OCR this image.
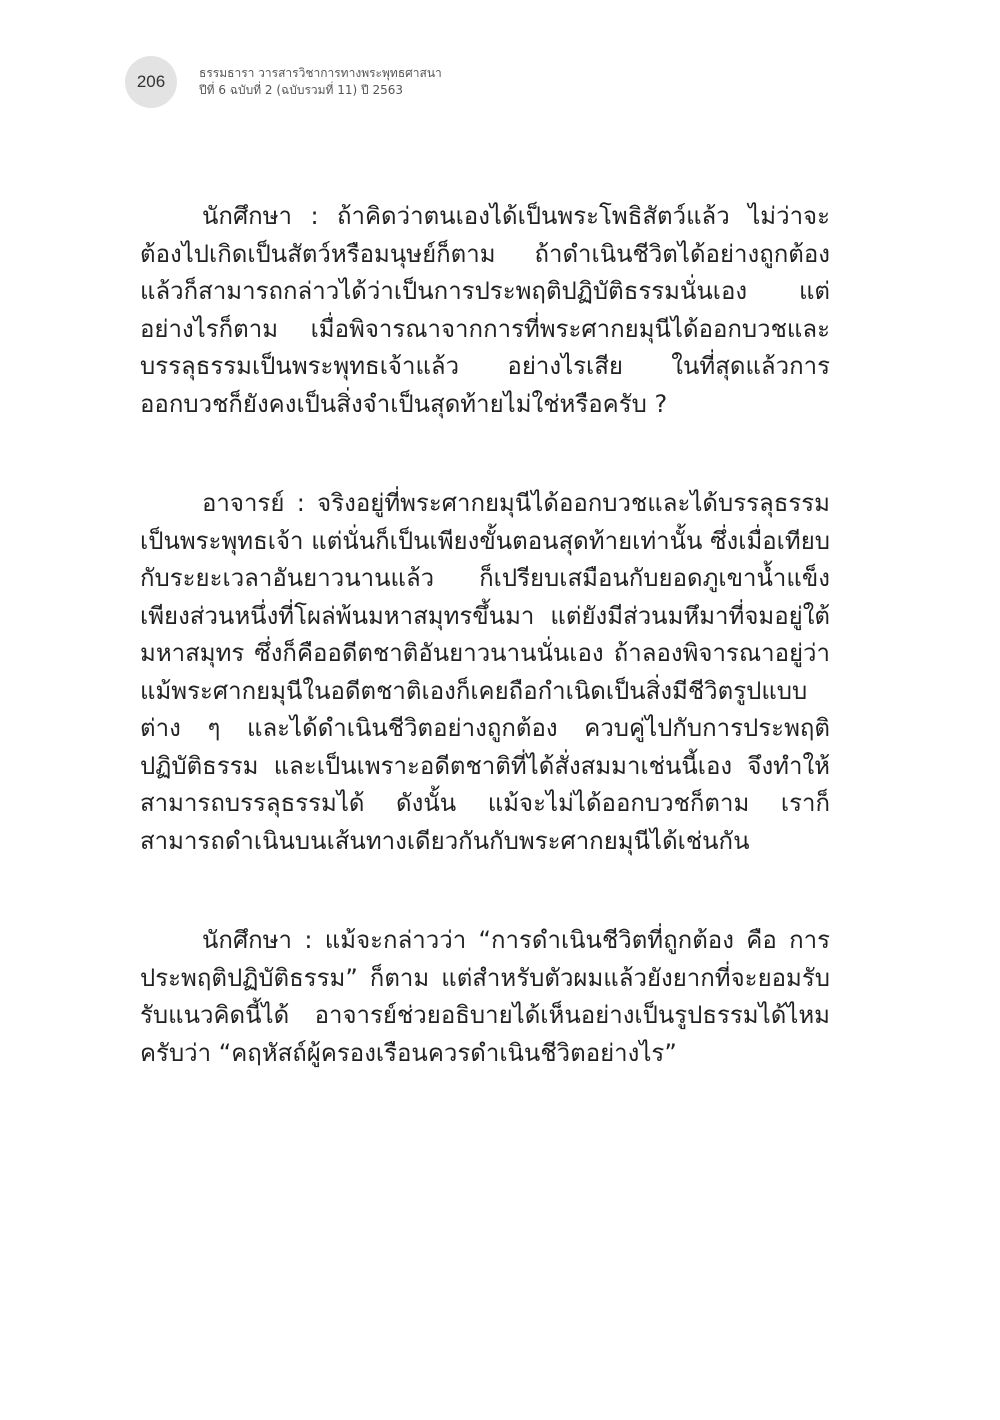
206	ธรรมธารา วารสารวิชาการทางพระพุทธศาสนา
ปีที่ 6 ฉบับที่ 2 (ฉบับรวมที่ 11) ปี 2563

นักศึกษา : ถ้าคิดว่าตนเองได้เป็นพระโพธิสัตว์แล้ว ไม่ว่าจะต้องไปเกิดเป็นสัตว์หรือมนุษย์ก็ตาม ถ้าดำเนินชีวิตได้อย่างถูกต้องแล้วก็สามารถกล่าวได้ว่าเป็นการประพฤติปฏิบัติธรรมนั่นเอง แต่อย่างไรก็ตาม เมื่อพิจารณาจากการที่พระศากยมุนีได้ออกบวชและบรรลุธรรมเป็นพระพุทธเจ้าแล้ว อย่างไรเสีย ในที่สุดแล้วการออกบวชก็ยังคงเป็นสิ่งจำเป็นสุดท้ายไม่ใช่หรือครับ ?

อาจารย์ : จริงอยู่ที่พระศากยมุนีได้ออกบวชและได้บรรลุธรรมเป็นพระพุทธเจ้า แต่นั่นก็เป็นเพียงขั้นตอนสุดท้ายเท่านั้น ซึ่งเมื่อเทียบกับระยะเวลาอันยาวนานแล้ว ก็เปรียบเสมือนกับยอดภูเขาน้ำแข็งเพียงส่วนหนึ่งที่โผล่พ้นมหาสมุทรขึ้นมา แต่ยังมีส่วนมหึมาที่จมอยู่ใต้มหาสมุทร ซึ่งก็คืออดีตชาติอันยาวนานนั่นเอง ถ้าลองพิจารณาอยู่ว่า แม้พระศากยมุนีในอดีตชาติเองก็เคยถือกำเนิดเป็นสิ่งมีชีวิตรูปแบบต่าง ๆ และได้ดำเนินชีวิตอย่างถูกต้อง ควบคู่ไปกับการประพฤติปฏิบัติธรรม และเป็นเพราะอดีตชาติที่ได้สั่งสมมาเช่นนี้เอง จึงทำให้สามารถบรรลุธรรมได้ ดังนั้น แม้จะไม่ได้ออกบวชก็ตาม เราก็สามารถดำเนินบนเส้นทางเดียวกันกับพระศากยมุนีได้เช่นกัน

นักศึกษา : แม้จะกล่าวว่า “การดำเนินชีวิตที่ถูกต้อง คือ การประพฤติปฏิบัติธรรม” ก็ตาม แต่สำหรับตัวผมแล้วยังยากที่จะยอมรับรับแนวคิดนี้ได้ อาจารย์ช่วยอธิบายได้เห็นอย่างเป็นรูปธรรมได้ไหมครับว่า “คฤหัสถ์ผู้ครองเรือนควรดำเนินชีวิตอย่างไร”
